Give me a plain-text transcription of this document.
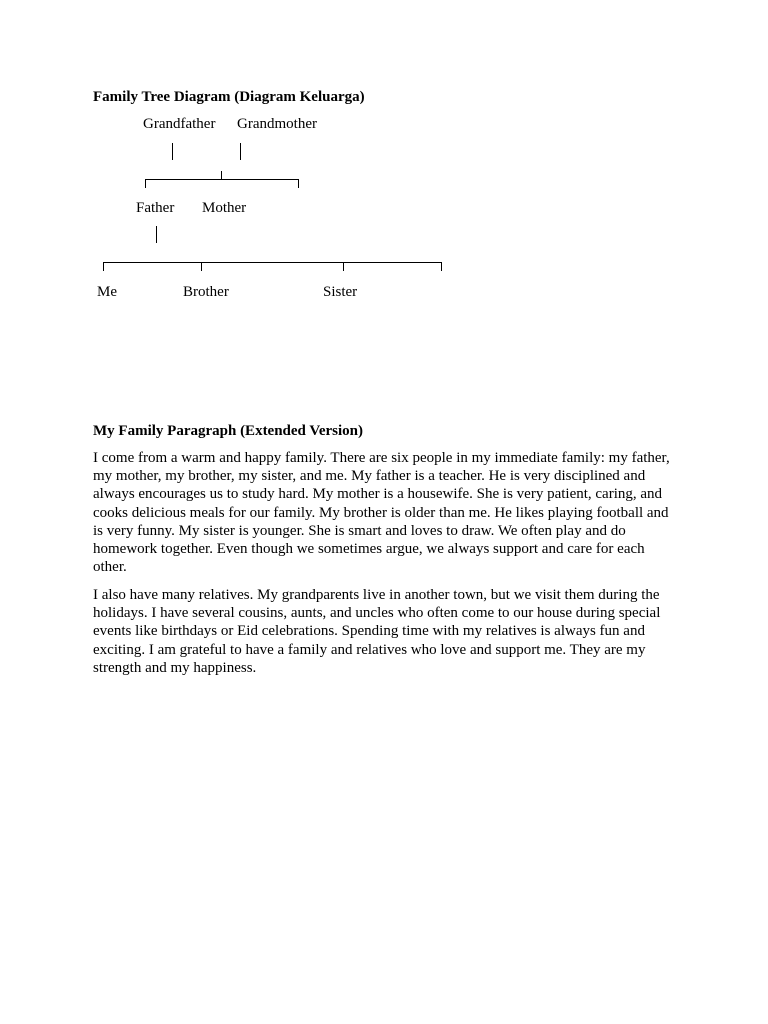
Family Tree Diagram (Diagram Keluarga)
Grandfather Grandmother
Father Mother
Me	Brother	Sister
My Family Paragraph (Extended Version)

I come from a warm and happy family. There are six people in my immediate family: my father, my mother, my brother, my sister, and me. My father is a teacher. He is very disciplined and always encourages us to study hard. My mother is a housewife. She is very patient, caring, and cooks delicious meals for our family. My brother is older than me. He likes playing football and is very funny. My sister is younger. She is smart and loves to draw. We often play and do homework together. Even though we sometimes argue, we always support and care for each other.

I also have many relatives. My grandparents live in another town, but we visit them during the holidays. I have several cousins, aunts, and uncles who often come to our house during special events like birthdays or Eid celebrations. Spending time with my relatives is always fun and exciting. I am grateful to have a family and relatives who love and support me. They are my strength and my happiness.
